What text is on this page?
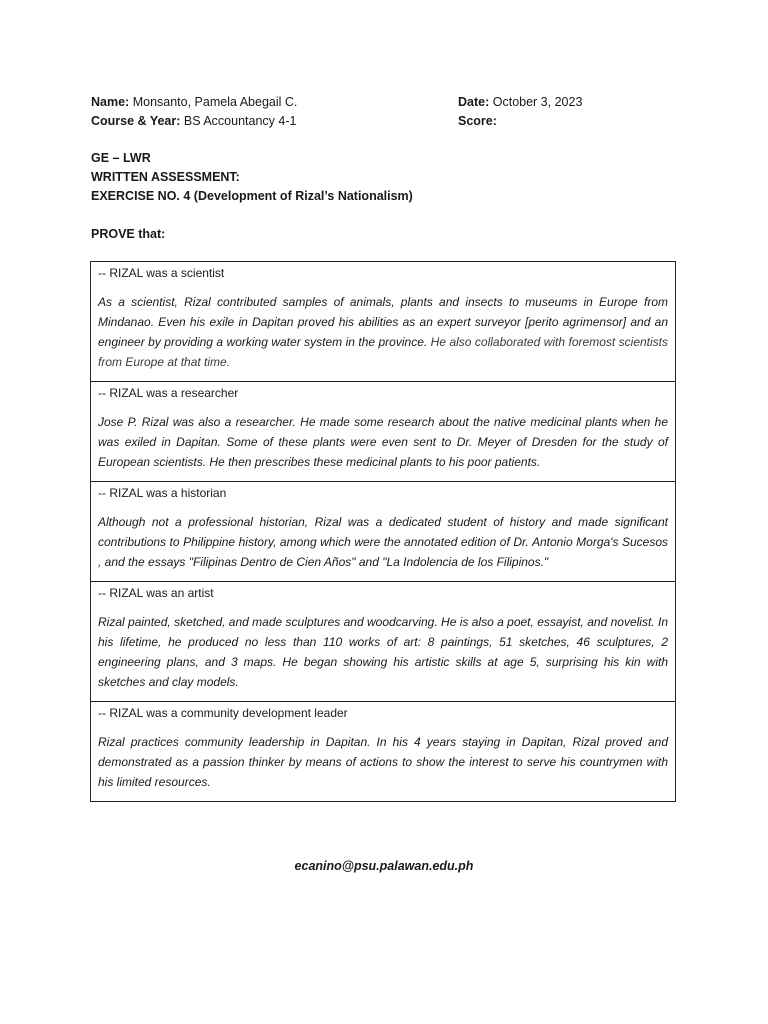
Name: Monsanto, Pamela Abegail C.	Date: October 3, 2023
Course & Year: BS Accountancy 4-1	Score:
GE – LWR
WRITTEN ASSESSMENT:
EXERCISE NO. 4 (Development of Rizal’s Nationalism)
PROVE that:
-- RIZAL was a scientist
As a scientist, Rizal contributed samples of animals, plants and insects to museums in Europe from Mindanao. Even his exile in Dapitan proved his abilities as an expert surveyor [perito agrimensor] and an engineer by providing a working water system in the province. He also collaborated with foremost scientists from Europe at that time.
-- RIZAL was a researcher
Jose P. Rizal was also a researcher. He made some research about the native medicinal plants when he was exiled in Dapitan. Some of these plants were even sent to Dr. Meyer of Dresden for the study of European scientists. He then prescribes these medicinal plants to his poor patients.
-- RIZAL was a historian
Although not a professional historian, Rizal was a dedicated student of history and made significant contributions to Philippine history, among which were the annotated edition of Dr. Antonio Morga's Sucesos , and the essays "Filipinas Dentro de Cien Años" and "La Indolencia de los Filipinos."
-- RIZAL was an artist
Rizal painted, sketched, and made sculptures and woodcarving. He is also a poet, essayist, and novelist. In his lifetime, he produced no less than 110 works of art: 8 paintings, 51 sketches, 46 sculptures, 2 engineering plans, and 3 maps. He began showing his artistic skills at age 5, surprising his kin with sketches and clay models.
-- RIZAL was a community development leader
Rizal practices community leadership in Dapitan. In his 4 years staying in Dapitan, Rizal proved and demonstrated as a passion thinker by means of actions to show the interest to serve his countrymen with his limited resources.
ecanino@psu.palawan.edu.ph
